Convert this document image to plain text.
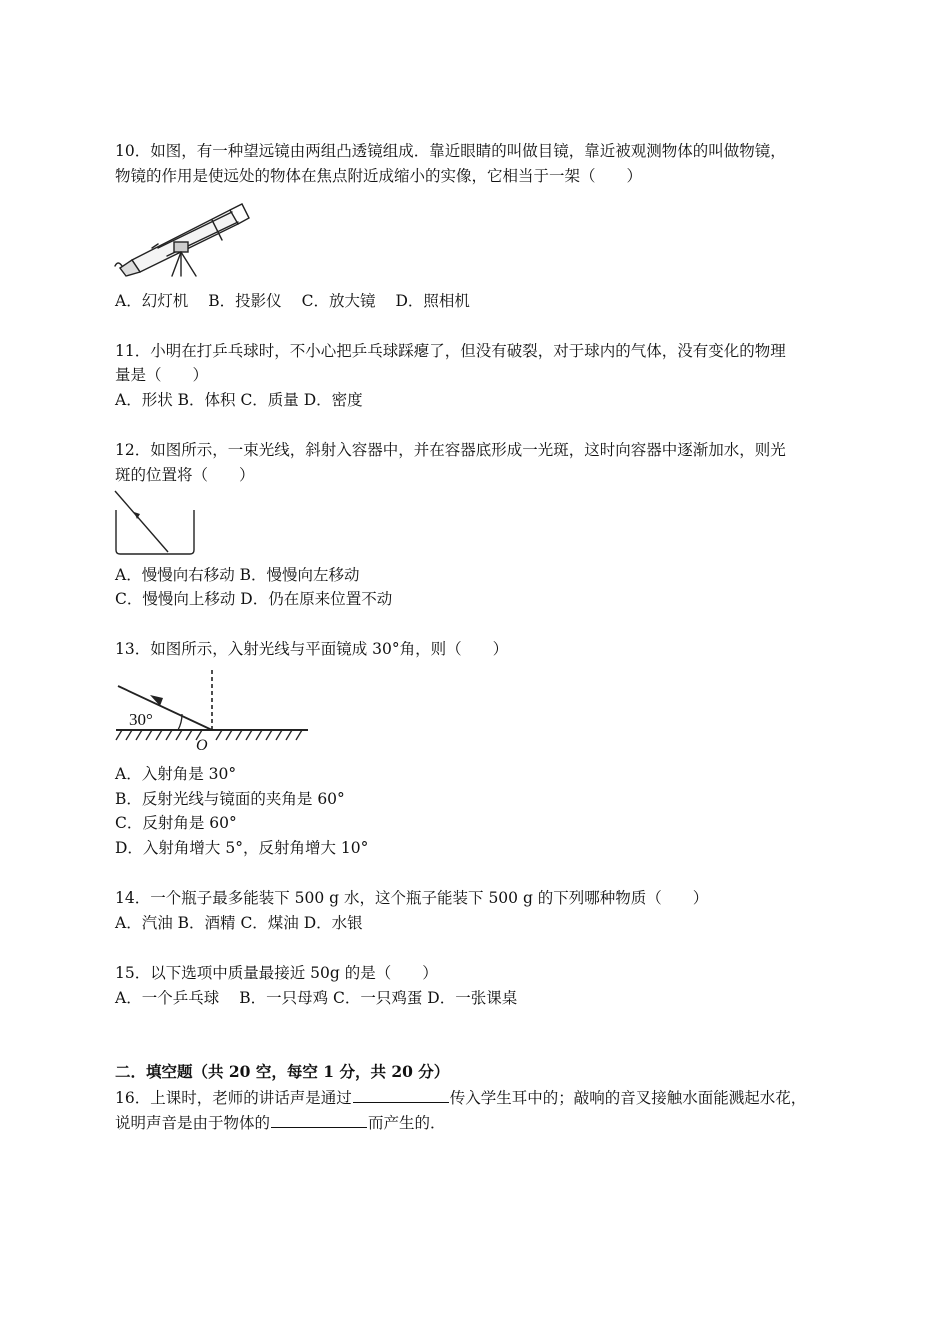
10．如图，有一种望远镜由两组凸透镜组成．靠近眼睛的叫做目镜，靠近被观测物体的叫做物镜，
物镜的作用是使远处的物体在焦点附近成缩小的实像，它相当于一架（　　）
A．幻灯机 B．投影仪 C．放大镜 D．照相机
11．小明在打乒乓球时，不小心把乒乓球踩瘪了，但没有破裂，对于球内的气体，没有变化的物理
量是（　　）
A．形状 B．体积 C．质量 D．密度
12．如图所示，一束光线，斜射入容器中，并在容器底形成一光斑，这时向容器中逐渐加水，则光
斑的位置将（　　）
A．慢慢向右移动 B．慢慢向左移动
C．慢慢向上移动 D．仍在原来位置不动
13．如图所示，入射光线与平面镜成 30°角，则（　　）
30°
O
A．入射角是 30°
B．反射光线与镜面的夹角是 60°
C．反射角是 60°
D．入射角增大 5°，反射角增大 10°
14．一个瓶子最多能装下 500 g 水，这个瓶子能装下 500 g 的下列哪种物质（　　）
A．汽油 B．酒精 C．煤油 D．水银
15．以下选项中质量最接近 50g 的是（　　）
A．一个乒乓球 B．一只母鸡 C．一只鸡蛋 D．一张课桌
二．填空题（共 20 空，每空 1 分，共 20 分）
16．上课时，老师的讲话声是通过	传入学生耳中的；敲响的音叉接触水面能溅起水花，
说明声音是由于物体的	而产生的．
